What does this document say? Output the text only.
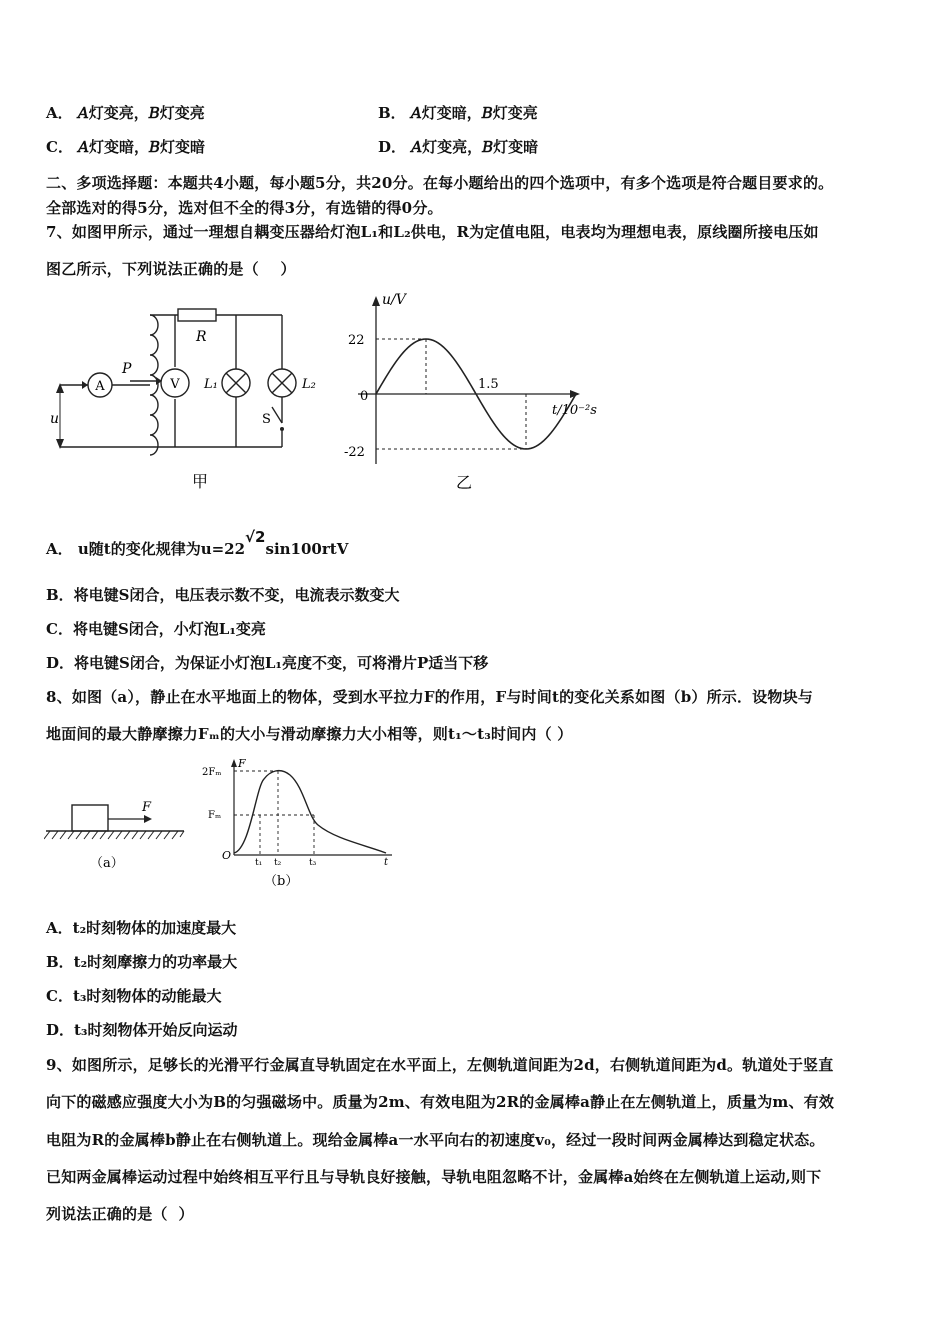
A． 𝐴灯变亮，𝐵灯变亮	B． 𝐴灯变暗，𝐵灯变亮
C． 𝐴灯变暗，𝐵灯变暗	D． 𝐴灯变亮，𝐵灯变暗
二、多项选择题：本题共4小题，每小题5分，共20分。在每小题给出的四个选项中，有多个选项是符合题目要求的。
全部选对的得5分，选对但不全的得3分，有选错的得0分。
7、如图甲所示，通过一理想自耦变压器给灯泡L₁和L₂供电，R为定值电阻，电表均为理想电表，原线圈所接电压如
图乙所示，下列说法正确的是（    ）
A	V
R
P
L₁	L₂
S
u
甲
u/V
t/10⁻²s
22
0
-22
1.5
乙
A． u随t的变化规律为u=22√2sin100rtV
B．将电键S闭合，电压表示数不变，电流表示数变大
C．将电键S闭合，小灯泡L₁变亮
D．将电键S闭合，为保证小灯泡L₁亮度不变，可将滑片P适当下移
8、如图（a），静止在水平地面上的物体，受到水平拉力F的作用，F与时间t的变化关系如图（b）所示．设物块与
地面间的最大静摩擦力Fₘ的大小与滑动摩擦力大小相等，则t₁～t₃时间内（ ）
F
（a）
F
2Fₘ
Fₘ
O
t₁ t₂	t₃	t
（b）
A．t₂时刻物体的加速度最大
B．t₂时刻摩擦力的功率最大
C．t₃时刻物体的动能最大
D．t₃时刻物体开始反向运动
9、如图所示，足够长的光滑平行金属直导轨固定在水平面上，左侧轨道间距为2d，右侧轨道间距为d。轨道处于竖直
向下的磁感应强度大小为B的匀强磁场中。质量为2m、有效电阻为2R的金属棒a静止在左侧轨道上，质量为m、有效
电阻为R的金属棒b静止在右侧轨道上。现给金属棒a一水平向右的初速度v₀，经过一段时间两金属棒达到稳定状态。
已知两金属棒运动过程中始终相互平行且与导轨良好接触，导轨电阻忽略不计，金属棒a始终在左侧轨道上运动,则下
列说法正确的是（  ）
